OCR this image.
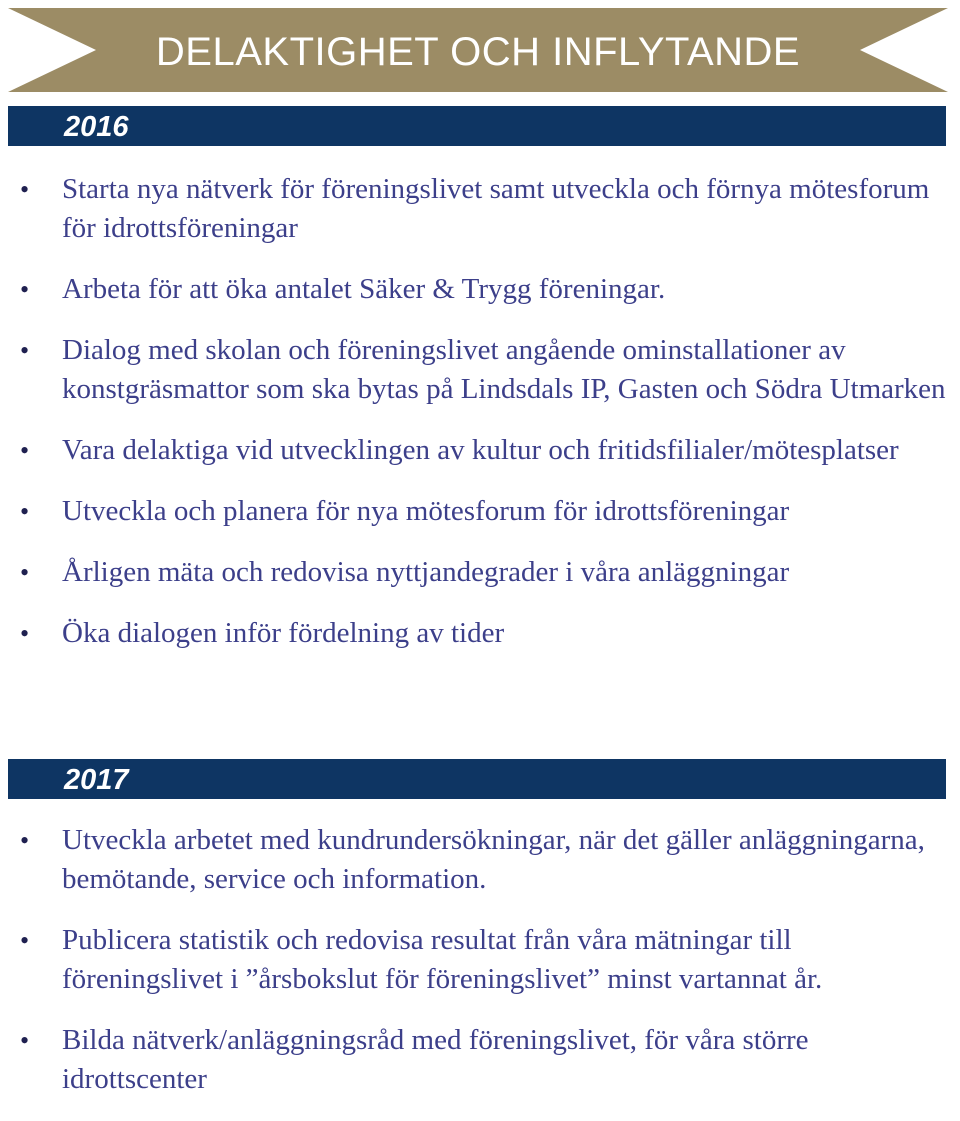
DELAKTIGHET OCH INFLYTANDE
2016
• Starta nya nätverk för föreningslivet samt utveckla och förnya mötesforum för idrottsföreningar
• Arbeta för att öka antalet Säker & Trygg föreningar.
• Dialog med skolan och föreningslivet angående ominstallationer av konstgräsmattor som ska bytas på Lindsdals IP, Gasten och Södra Utmarken
• Vara delaktiga vid utvecklingen av kultur och fritidsfilialer/mötesplatser
• Utveckla och planera för nya mötesforum för idrottsföreningar
• Årligen mäta och redovisa nyttjandegrader i våra anläggningar
• Öka dialogen inför fördelning av tider
2017
• Utveckla arbetet med kundrundersökningar, när det gäller anläggningarna, bemötande, service och information.
• Publicera statistik och redovisa resultat från våra mätningar till föreningslivet i ”årsbokslut för föreningslivet” minst vartannat år.
• Bilda nätverk/anläggningsråd med föreningslivet, för våra större idrottscenter
